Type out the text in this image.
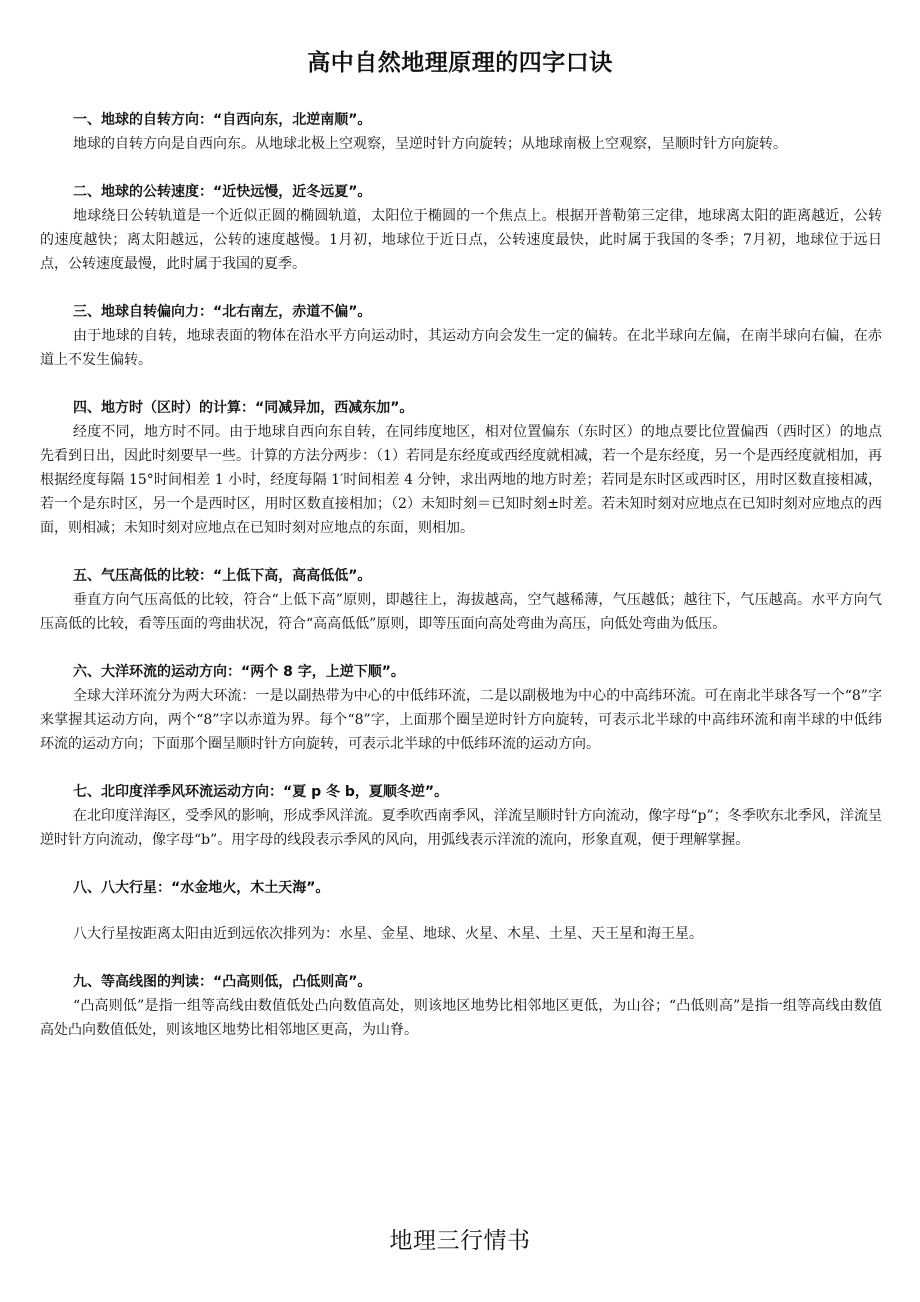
高中自然地理原理的四字口诀

一、地球的自转方向：“自西向东，北逆南顺”。

地球的自转方向是自西向东。从地球北极上空观察，呈逆时针方向旋转；从地球南极上空观察，呈顺时针方向旋转。

二、地球的公转速度：“近快远慢，近冬远夏”。

地球绕日公转轨道是一个近似正圆的椭圆轨道，太阳位于椭圆的一个焦点上。根据开普勒第三定律，地球离太阳的距离越近，公转的速度越快；离太阳越远，公转的速度越慢。1月初，地球位于近日点，公转速度最快，此时属于我国的冬季；7月初，地球位于远日点，公转速度最慢，此时属于我国的夏季。

三、地球自转偏向力：“北右南左，赤道不偏”。

由于地球的自转，地球表面的物体在沿水平方向运动时，其运动方向会发生一定的偏转。在北半球向左偏，在南半球向右偏，在赤道上不发生偏转。

四、地方时（区时）的计算：“同减异加，西减东加”。

经度不同，地方时不同。由于地球自西向东自转，在同纬度地区，相对位置偏东（东时区）的地点要比位置偏西（西时区）的地点先看到日出，因此时刻要早一些。计算的方法分两步：（1）若同是东经度或西经度就相减，若一个是东经度，另一个是西经度就相加，再根据经度每隔 15°时间相差 1 小时，经度每隔 1′时间相差 4 分钟，求出两地的地方时差；若同是东时区或西时区，用时区数直接相减，若一个是东时区，另一个是西时区，用时区数直接相加；（2）未知时刻＝已知时刻±时差。若未知时刻对应地点在已知时刻对应地点的西面，则相减；未知时刻对应地点在已知时刻对应地点的东面，则相加。

五、气压高低的比较：“上低下高，高高低低”。

垂直方向气压高低的比较，符合“上低下高”原则，即越往上，海拔越高，空气越稀薄，气压越低；越往下，气压越高。水平方向气压高低的比较，看等压面的弯曲状况，符合“高高低低”原则，即等压面向高处弯曲为高压，向低处弯曲为低压。

六、大洋环流的运动方向：“两个 8 字，上逆下顺”。

全球大洋环流分为两大环流：一是以副热带为中心的中低纬环流，二是以副极地为中心的中高纬环流。可在南北半球各写一个“8”字来掌握其运动方向，两个“8”字以赤道为界。每个“8”字，上面那个圈呈逆时针方向旋转，可表示北半球的中高纬环流和南半球的中低纬环流的运动方向；下面那个圈呈顺时针方向旋转，可表示北半球的中低纬环流的运动方向。

七、北印度洋季风环流运动方向：“夏 p 冬 b，夏顺冬逆”。

在北印度洋海区，受季风的影响，形成季风洋流。夏季吹西南季风，洋流呈顺时针方向流动，像字母“p”；冬季吹东北季风，洋流呈逆时针方向流动，像字母“b”。用字母的线段表示季风的风向，用弧线表示洋流的流向，形象直观，便于理解掌握。

八、八大行星：“水金地火，木土天海”。

八大行星按距离太阳由近到远依次排列为：水星、金星、地球、火星、木星、土星、天王星和海王星。

九、等高线图的判读：“凸高则低，凸低则高”。

“凸高则低”是指一组等高线由数值低处凸向数值高处，则该地区地势比相邻地区更低，为山谷；“凸低则高”是指一组等高线由数值高处凸向数值低处，则该地区地势比相邻地区更高，为山脊。

地理三行情书
